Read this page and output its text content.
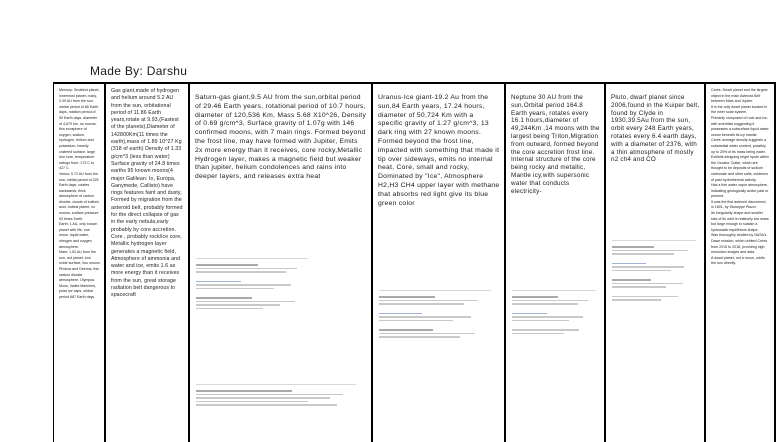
Made By: Darshu
Mercury: Smallest planet, innermost planet, rocky, 0.39 AU from the sun, orbital period of 88 Earth days, rotation period of 59 Earth days, diameter of 4,879 km, no moons, thin exosphere of oxygen, sodium, hydrogen, helium and potassium, heavily cratered surface, large iron core, temperature swings from -173 C to 427 C.
Venus: 0.72 AU from the sun, orbital period of 225 Earth days, rotates backwards, thick atmosphere of carbon dioxide, clouds of sulfuric acid, hottest planet, no moons, surface pressure 92 times Earth.
Earth: 1 AU, only known planet with life, one moon, liquid water, nitrogen and oxygen atmosphere.
Mars: 1.52 AU from the sun, red planet, iron oxide surface, two moons Phobos and Deimos, thin carbon dioxide atmosphere, Olympus Mons, Valles Marineris, polar ice caps, orbital period 687 Earth days.
Gas giant,made of hydrogen and helium around 5.2 AU from the sun, orbitational period of 11.86 Earth years,rotate at 9.93,(Fastest of the planets),Diameter of 142800Km(11 times the earth),mass of 1.89 10^27 Kg (318 of earth) Density of 1.33 g/cm^3 (less than water) Surface gravity of 24.8 times earths 95 known moons(4 major Galilean: Io, Europa, Ganymede, Callisto) have rings features faint and dusty, Formed by migration from the asteroid belt, probably formed for the direct collapse of gas in the early nebula,early probably by core accretion. Core , probably rock/ice core, Metallic hydrogen layer generates a magnetic field, Atmosphere of ammonia and water and ice, emits 1.6 as more energy than it receives from the sun, great storage radiation belt dangerous to spacecraft
Saturn-gas giant,9.5 AU from the sun,orbital period of 29.46 Earth years, rotational period of 10.7 hours, diameter of 120,536 Km, Mass 5.68 X10^26, Density of 0.69 g/cm^3, Surface gravity of 1.07g with 146 confirmed moons, with 7 main rings. Formed beyond the frost line, may have formed with Jupiter, Emits 2x more energy than it receives, core rocky,Metallic Hydrogen layer, makes a magnetic field but weaker than jupiter, helium condolences and rains into deeper layers, and releases extra heat
Uranus-Ice giant-19.2 Au from the sun,84 Earth years, 17.24 hours, diameter of 50,724 Km with a specific gravity of 1.27 g/cm^3, 13 dark ring with 27 known moons. Formed beyond the frost line, impacted with something that made it tip over sideways, emits no internal heat, Core, small and rocky, Dominated by "Ice", Atmosphere H2,H3 CH4 upper layer with methane that absorbs red light give its blue green color
Neptune 30 AU from the sun,Orbital period 164.8 Earth years, rotates every 16.1 hours,diameter of 49,244Km ,14 moons with the largest being Triton,Migration from outward, formed beyond the core accretion frost line. Internal structure of the core being rocky and metallic, Mantle icy,with supersonic water that conducts electricity-
Pluto, dwarf planet since 2006,found in the Kuiper belt, found by Clyde in 1930,39.5Au from the sun, orbit every 248 Earth years, rotates every 6.4 earth days, with a diameter of 2376, with a thin atmosphere of mostly n2 ch4 and CO
Ceres: Dwarf planet and the largest object in the main Asteroid Belt between Mars and Jupiter.
It is the only dwarf planet located in the inner solar system.
Primarily composed of rock and ice, with scientists suggesting it possesses a subsurface liquid water ocean beneath its icy mantle.
Ceres' average density suggests a substantial water content, possibly up to 25% of its mass being water.
Exhibits intriguing bright spots within the Occator Crater, which are thought to be deposits of sodium carbonate and other salts, evidence of past hydrothermal activity.
Has a thin water vapor atmosphere, indicating geologically active past or present.
It was the first asteroid discovered, in 1801, by Giuseppe Piazzi.
Its irregularity shape and smaller size of its orbit is relatively low mass but large enough to sustain a hydrostatic equilibrium shape.
Was thoroughly studied by NASA's Dawn mission, which orbited Ceres from 2015 to 2018, providing high resolution images and data.
A dwarf planet, not a moon, orbits the sun directly.
